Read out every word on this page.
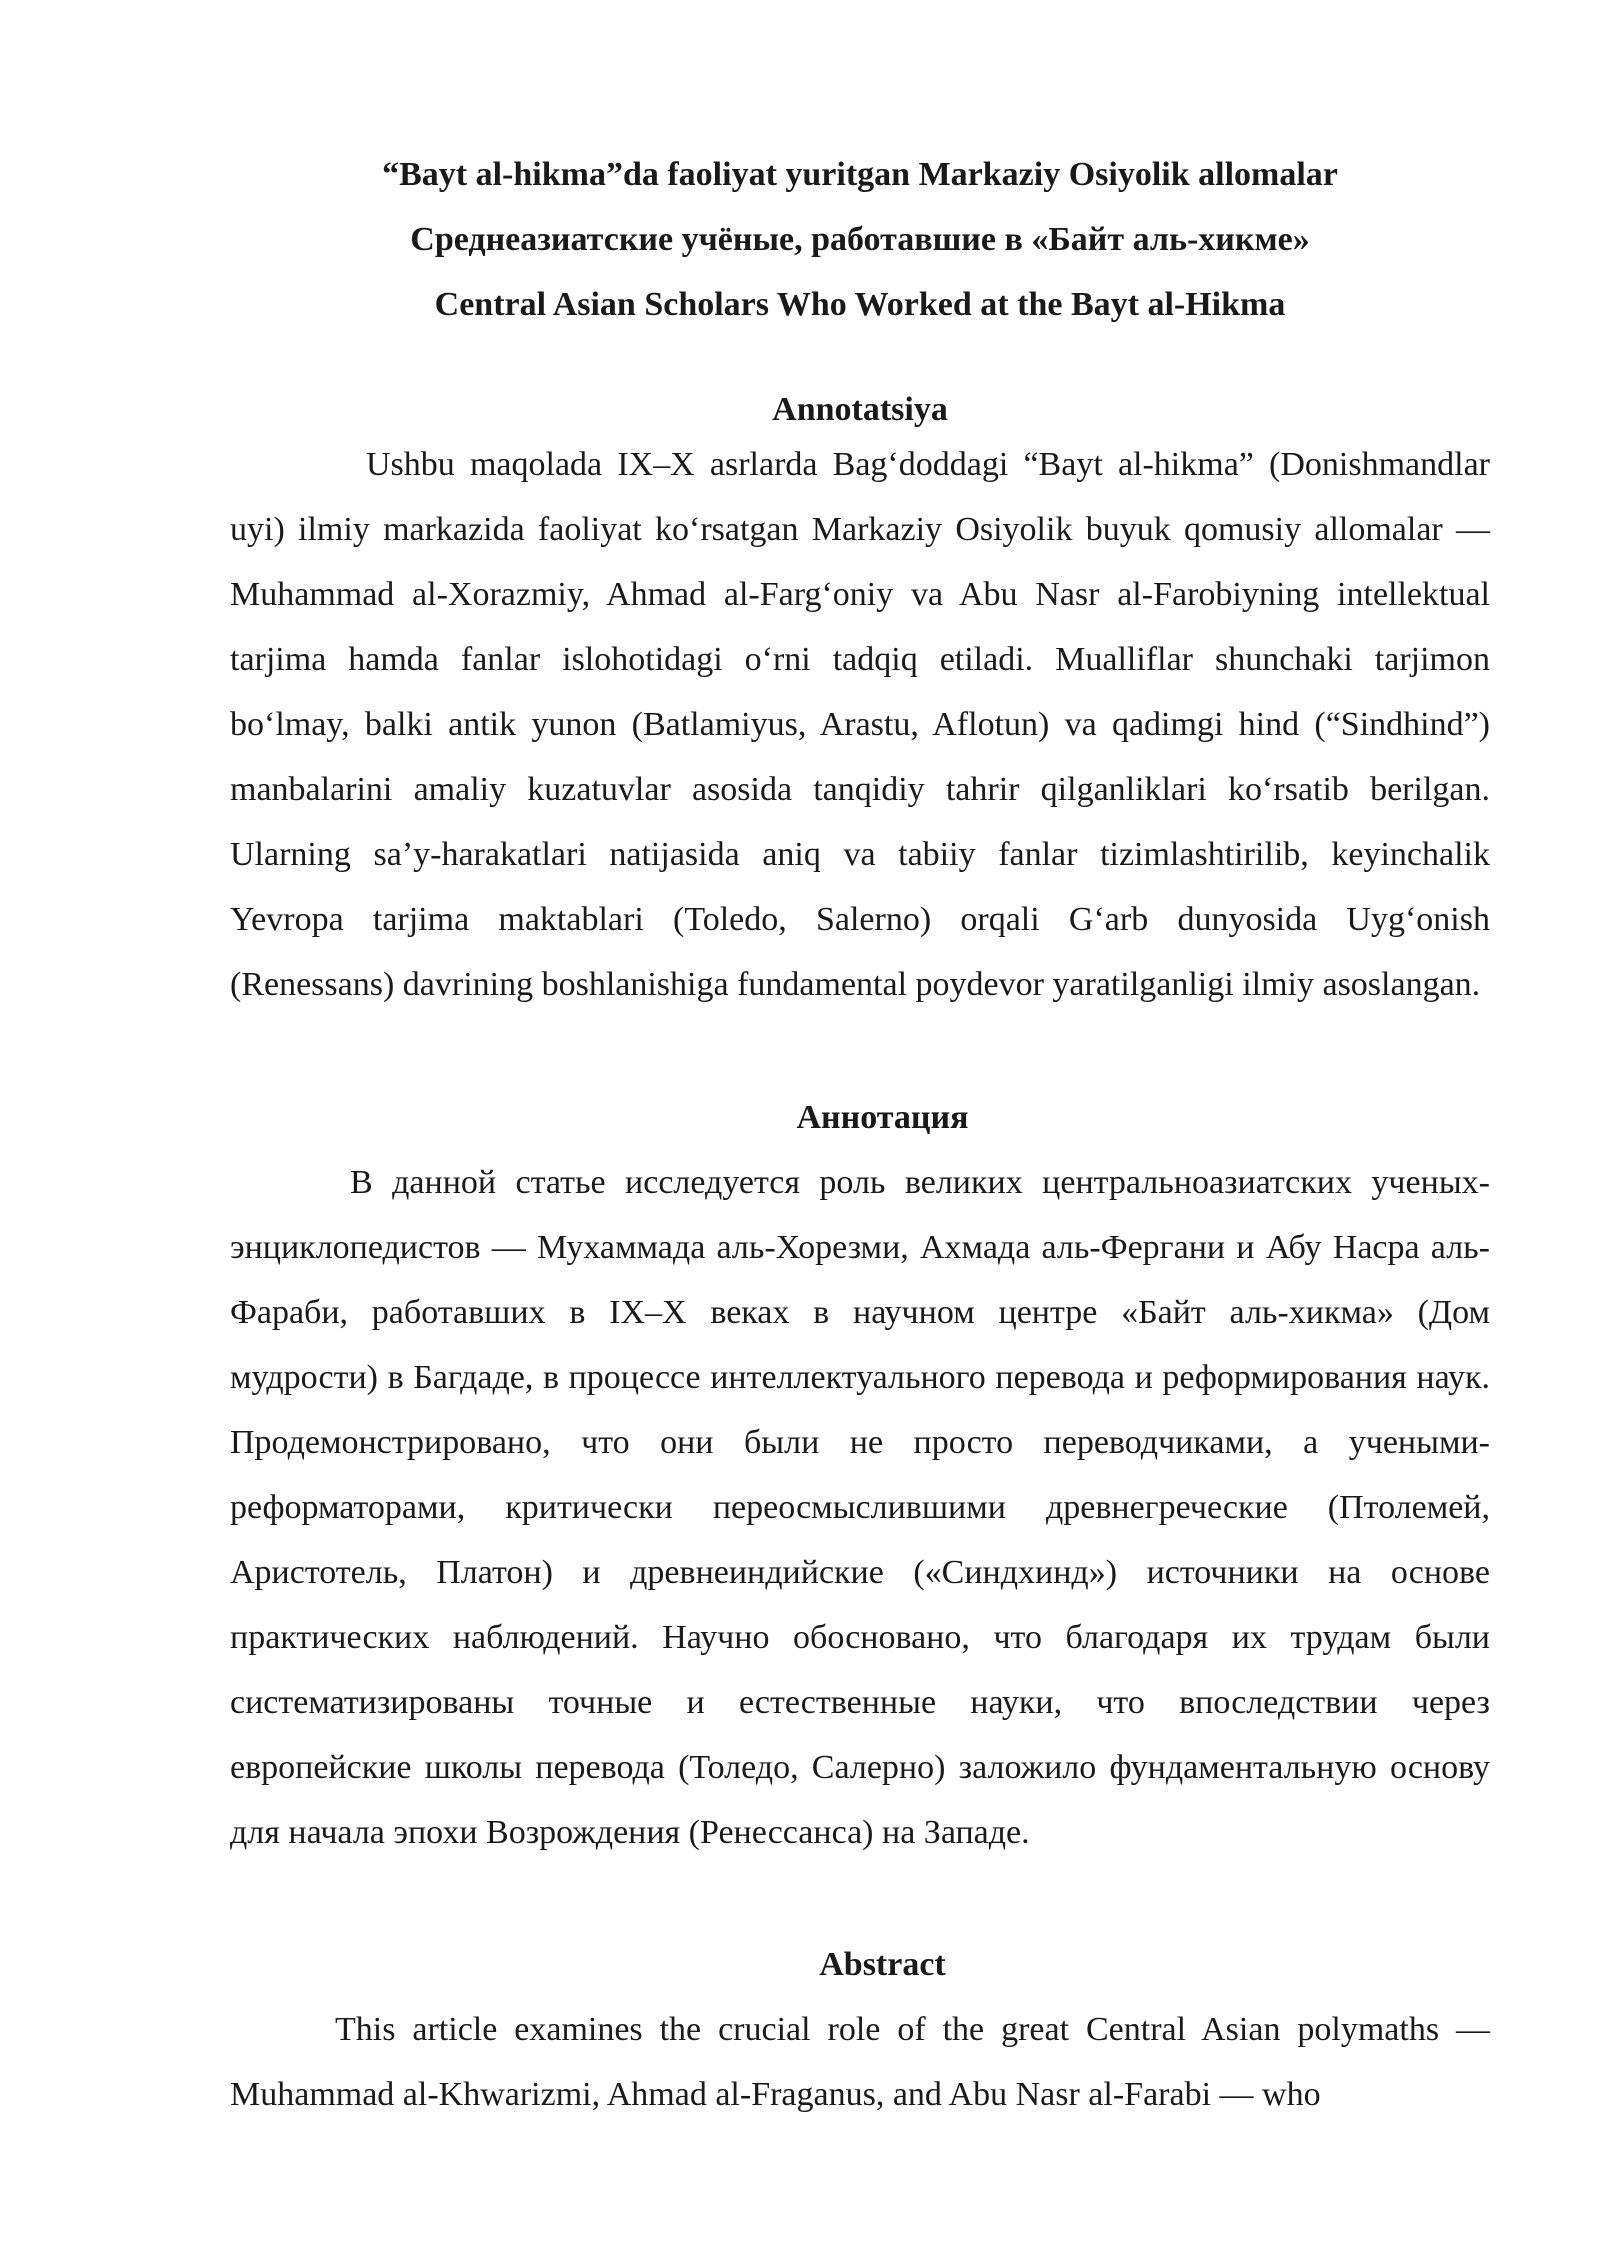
“Bayt al-hikma”da faoliyat yuritgan Markaziy Osiyolik allomalar
Среднеазиатские учёные, работавшие в «Байт аль-хикме»
Central Asian Scholars Who Worked at the Bayt al-Hikma
Annotatsiya

Ushbu maqolada IX–X asrlarda Bag‘doddagi “Bayt al-hikma” (Donishmandlar uyi) ilmiy markazida faoliyat ko‘rsatgan Markaziy Osiyolik buyuk qomusiy allomalar — Muhammad al-Xorazmiy, Ahmad al-Farg‘oniy va Abu Nasr al-Farobiyning intellektual tarjima hamda fanlar islohotidagi o‘rni tadqiq etiladi. Mualliflar shunchaki tarjimon bo‘lmay, balki antik yunon (Batlamiyus, Arastu, Aflotun) va qadimgi hind (“Sindhind”) manbalarini amaliy kuzatuvlar asosida tanqidiy tahrir qilganliklari ko‘rsatib berilgan. Ularning sa’y-harakatlari natijasida aniq va tabiiy fanlar tizimlashtirilib, keyinchalik Yevropa tarjima maktablari (Toledo, Salerno) orqali G‘arb dunyosida Uyg‘onish (Renessans) davrining boshlanishiga fundamental poydevor yaratilganligi ilmiy asoslangan.

Аннотация

В данной статье исследуется роль великих центральноазиатских ученых-энциклопедистов — Мухаммада аль-Хорезми, Ахмада аль-Фергани и Абу Насра аль-Фараби, работавших в IX–X веках в научном центре «Байт аль-хикма» (Дом мудрости) в Багдаде, в процессе интеллектуального перевода и реформирования наук. Продемонстрировано, что они были не просто переводчиками, а учеными-реформаторами, критически переосмыслившими древнегреческие (Птолемей, Аристотель, Платон) и древнеиндийские («Синдхинд») источники на основе практических наблюдений. Научно обосновано, что благодаря их трудам были систематизированы точные и естественные науки, что впоследствии через европейские школы перевода (Толедо, Салерно) заложило фундаментальную основу для начала эпохи Возрождения (Ренессанса) на Западе.

Abstract

This article examines the crucial role of the great Central Asian polymaths — Muhammad al-Khwarizmi, Ahmad al-Fraganus, and Abu Nasr al-Farabi — who
